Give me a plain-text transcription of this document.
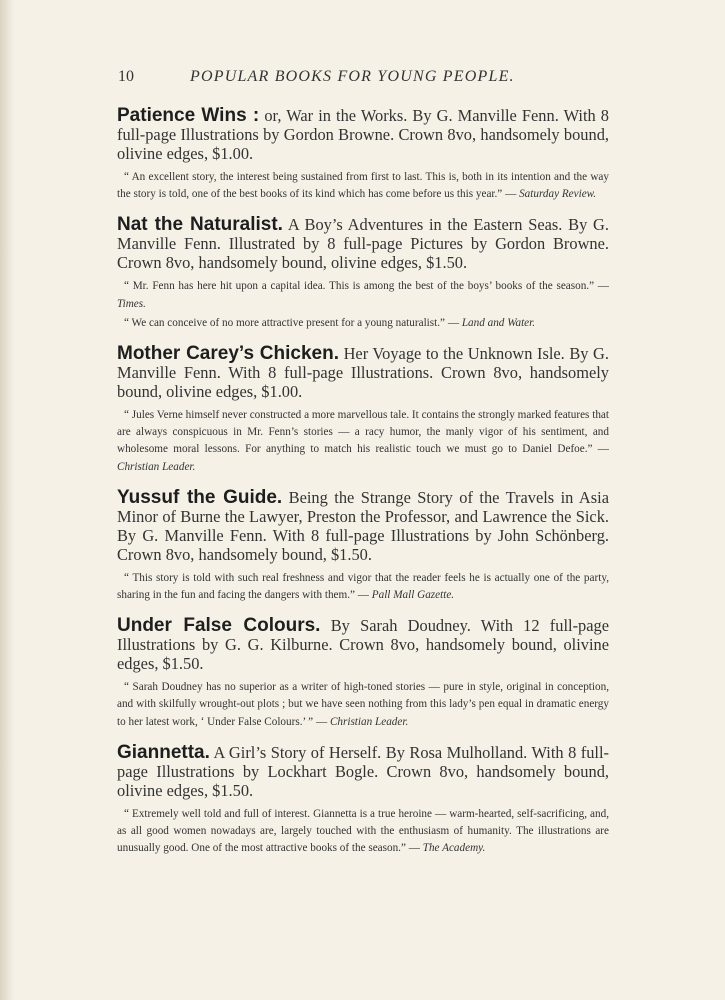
10	POPULAR BOOKS FOR YOUNG PEOPLE.

Patience Wins : or, War in the Works. By G. Manville Fenn. With 8 full-page Illustrations by Gordon Browne. Crown 8vo, handsomely bound, olivine edges, $1.00.

“ An excellent story, the interest being sustained from first to last. This is, both in its intention and the way the story is told, one of the best books of its kind which has come before us this year.” — Saturday Review.

Nat the Naturalist. A Boy’s Adventures in the Eastern Seas. By G. Manville Fenn. Illustrated by 8 full-page Pictures by Gordon Browne. Crown 8vo, handsomely bound, olivine edges, $1.50.

“ Mr. Fenn has here hit upon a capital idea. This is among the best of the boys’ books of the season.” — Times.

“ We can conceive of no more attractive present for a young naturalist.” — Land and Water.

Mother Carey’s Chicken. Her Voyage to the Unknown Isle. By G. Manville Fenn. With 8 full-page Illustrations. Crown 8vo, handsomely bound, olivine edges, $1.00.

“ Jules Verne himself never constructed a more marvellous tale. It contains the strongly marked features that are always conspicuous in Mr. Fenn’s stories — a racy humor, the manly vigor of his sentiment, and wholesome moral lessons. For anything to match his realistic touch we must go to Daniel Defoe.” — Christian Leader.

Yussuf the Guide. Being the Strange Story of the Travels in Asia Minor of Burne the Lawyer, Preston the Professor, and Lawrence the Sick. By G. Manville Fenn. With 8 full-page Illustrations by John Schönberg. Crown 8vo, handsomely bound, $1.50.

“ This story is told with such real freshness and vigor that the reader feels he is actually one of the party, sharing in the fun and facing the dangers with them.” — Pall Mall Gazette.

Under False Colours. By Sarah Doudney. With 12 full-page Illustrations by G. G. Kilburne. Crown 8vo, handsomely bound, olivine edges, $1.50.

“ Sarah Doudney has no superior as a writer of high-toned stories — pure in style, original in conception, and with skilfully wrought-out plots ; but we have seen nothing from this lady’s pen equal in dramatic energy to her latest work, ‘ Under False Colours.’ ” — Christian Leader.

Giannetta. A Girl’s Story of Herself. By Rosa Mulholland. With 8 full-page Illustrations by Lockhart Bogle. Crown 8vo, handsomely bound, olivine edges, $1.50.

“ Extremely well told and full of interest. Giannetta is a true heroine — warm-hearted, self-sacrificing, and, as all good women nowadays are, largely touched with the enthusiasm of humanity. The illustrations are unusually good. One of the most attractive books of the season.” — The Academy.
